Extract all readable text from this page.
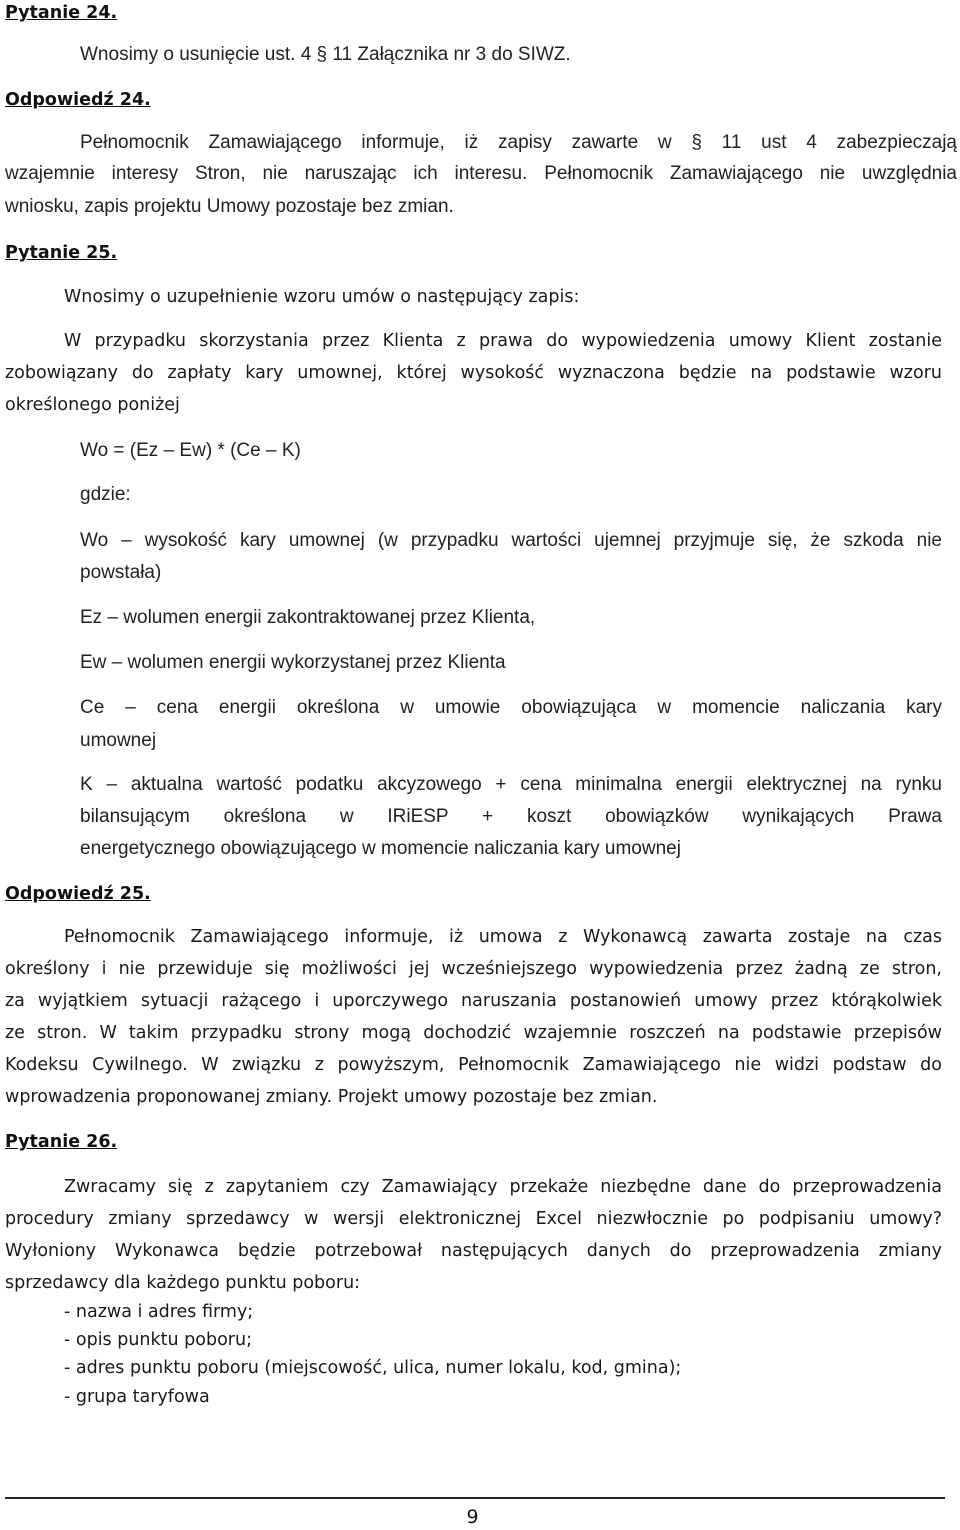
Pytanie 24.
Wnosimy o usunięcie ust. 4 § 11 Załącznika nr 3 do SIWZ.
Odpowiedź 24.
Pełnomocnik Zamawiającego informuje, iż zapisy zawarte w § 11 ust 4 zabezpieczają
wzajemnie interesy Stron, nie naruszając ich interesu. Pełnomocnik Zamawiającego nie uwzględnia
wniosku, zapis projektu Umowy pozostaje bez zmian.
Pytanie 25.
Wnosimy o uzupełnienie wzoru umów o następujący zapis:
W przypadku skorzystania przez Klienta z prawa do wypowiedzenia umowy Klient zostanie
zobowiązany do zapłaty kary umownej, której wysokość wyznaczona będzie na podstawie wzoru
określonego poniżej
Wo = (Ez – Ew) * (Ce – K)
gdzie:
Wo – wysokość kary umownej (w przypadku wartości ujemnej przyjmuje się, że szkoda nie
powstała)
Ez – wolumen energii zakontraktowanej przez Klienta,
Ew – wolumen energii wykorzystanej przez Klienta
Ce – cena energii określona w umowie obowiązująca w momencie naliczania kary
umownej
K – aktualna wartość podatku akcyzowego + cena minimalna energii elektrycznej na rynku
bilansującym określona w IRiESP + koszt obowiązków wynikających Prawa
energetycznego obowiązującego w momencie naliczania kary umownej
Odpowiedź 25.
Pełnomocnik Zamawiającego informuje, iż umowa z Wykonawcą zawarta zostaje na czas
określony i nie przewiduje się możliwości jej wcześniejszego wypowiedzenia przez żadną ze stron,
za wyjątkiem sytuacji rażącego i uporczywego naruszania postanowień umowy przez którąkolwiek
ze stron. W takim przypadku strony mogą dochodzić wzajemnie roszczeń na podstawie przepisów
Kodeksu Cywilnego. W związku z powyższym, Pełnomocnik Zamawiającego nie widzi podstaw do
wprowadzenia proponowanej zmiany. Projekt umowy pozostaje bez zmian.
Pytanie 26.
Zwracamy się z zapytaniem czy Zamawiający przekaże niezbędne dane do przeprowadzenia
procedury zmiany sprzedawcy w wersji elektronicznej Excel niezwłocznie po podpisaniu umowy?
Wyłoniony Wykonawca będzie potrzebował następujących danych do przeprowadzenia zmiany
sprzedawcy dla każdego punktu poboru:
- nazwa i adres firmy;
- opis punktu poboru;
- adres punktu poboru (miejscowość, ulica, numer lokalu, kod, gmina);
- grupa taryfowa
9
